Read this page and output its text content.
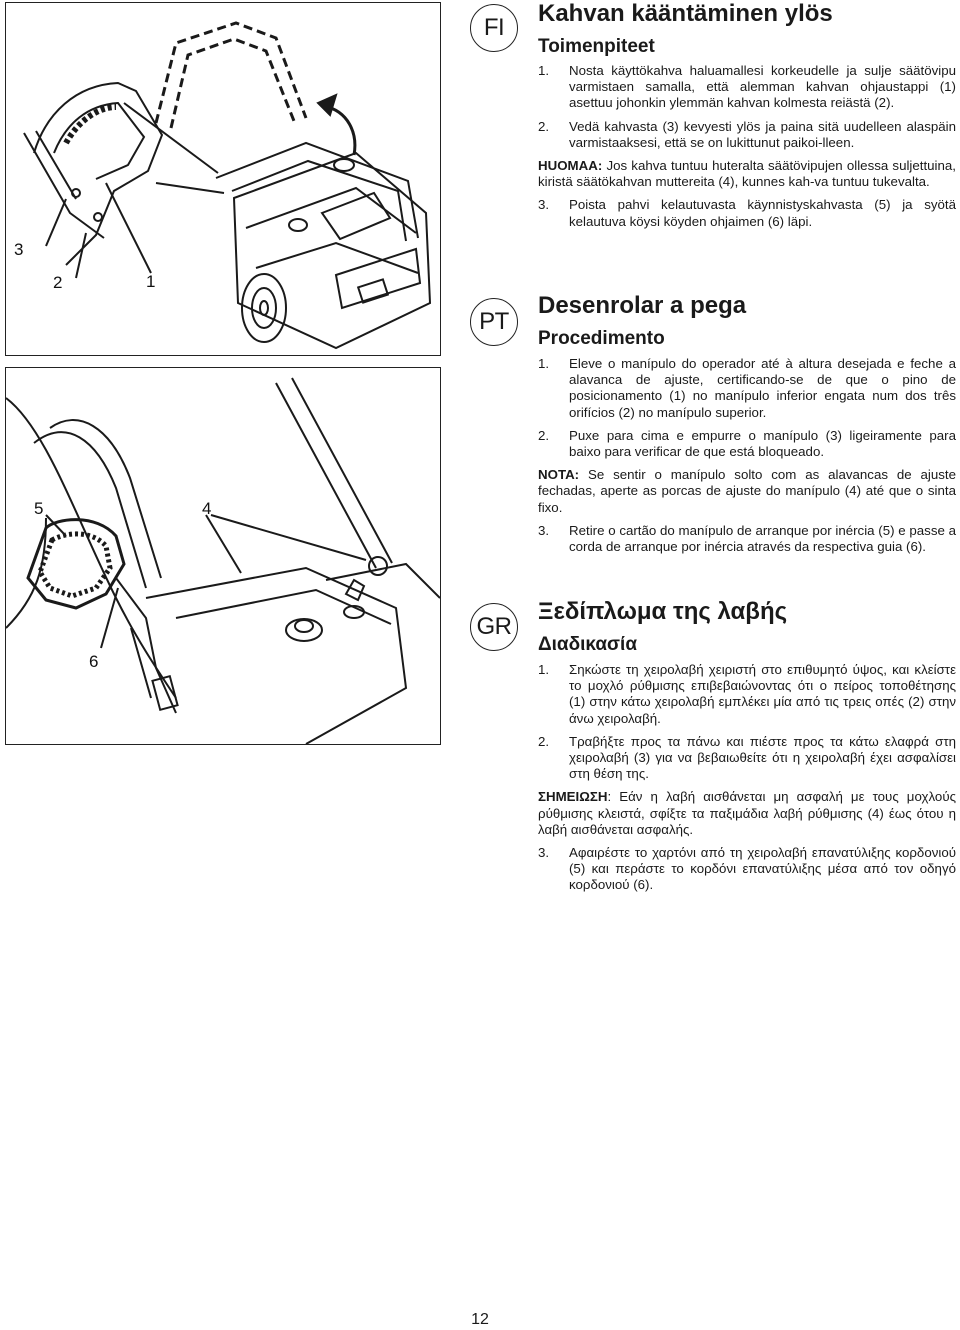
3
2	1
5	4
6
FI
PT
GR
Kahvan kääntäminen ylös
Toimenpiteet

1. Nosta käyttökahva haluamallesi korkeudelle ja sulje säätövipu varmistaen samalla, että alemman kahvan ohjaustappi (1) asettuu johonkin ylemmän kahvan kolmesta reiästä (2).

2. Vedä kahvasta (3) kevyesti ylös ja paina sitä uudelleen alaspäin varmistaaksesi, että se on lukittunut paikoi-lleen.

HUOMAA: Jos kahva tuntuu huteralta säätövipujen ollessa suljettuina, kiristä säätökahvan muttereita (4), kunnes kah-va tuntuu tukevalta.

3. Poista pahvi kelautuvasta käynnistyskahvasta (5) ja syötä kelautuva köysi köyden ohjaimen (6) läpi.

Desenrolar a pega
Procedimento

1. Eleve o manípulo do operador até à altura desejada e feche a alavanca de ajuste, certificando-se de que o pino de posicionamento (1) no manípulo inferior engata num dos três orifícios (2) no manípulo superior.

2. Puxe para cima e empurre o manípulo (3) ligeiramente para baixo para verificar de que está bloqueado.

NOTA: Se sentir o manípulo solto com as alavancas de ajuste fechadas, aperte as porcas de ajuste do manípulo (4) até que o sinta fixo.

3. Retire o cartão do manípulo de arranque por inércia (5) e passe a corda de arranque por inércia através da respectiva guia (6).

Ξεδίπλωμα της λαβής
Διαδικασία

1. Σηκώστε τη χειρολαβή χειριστή στο επιθυμητό ύψος, και κλείστε το μοχλό ρύθμισης επιβεβαιώνοντας ότι ο πείρος τοποθέτησης (1) στην κάτω χειρολαβή εμπλέκει μία από τις τρεις οπές (2) στην άνω χειρολαβή.

2. Τραβήξτε προς τα πάνω και πιέστε προς τα κάτω ελαφρά στη χειρολαβή (3) για να βεβαιωθείτε ότι η χειρολαβή έχει ασφαλίσει στη θέση της.

ΣΗΜΕΙΩΣΗ: Εάν η λαβή αισθάνεται μη ασφαλή με τους μοχλούς ρύθμισης κλειστά, σφίξτε τα παξιμάδια λαβή ρύθμισης (4) έως ότου η λαβή αισθάνεται ασφαλής.

3. Αφαιρέστε το χαρτόνι από τη χειρολαβή επανατύλιξης κορδονιού (5) και περάστε το κορδόνι επανατύλιξης μέσα από τον οδηγό κορδονιού (6).

12
